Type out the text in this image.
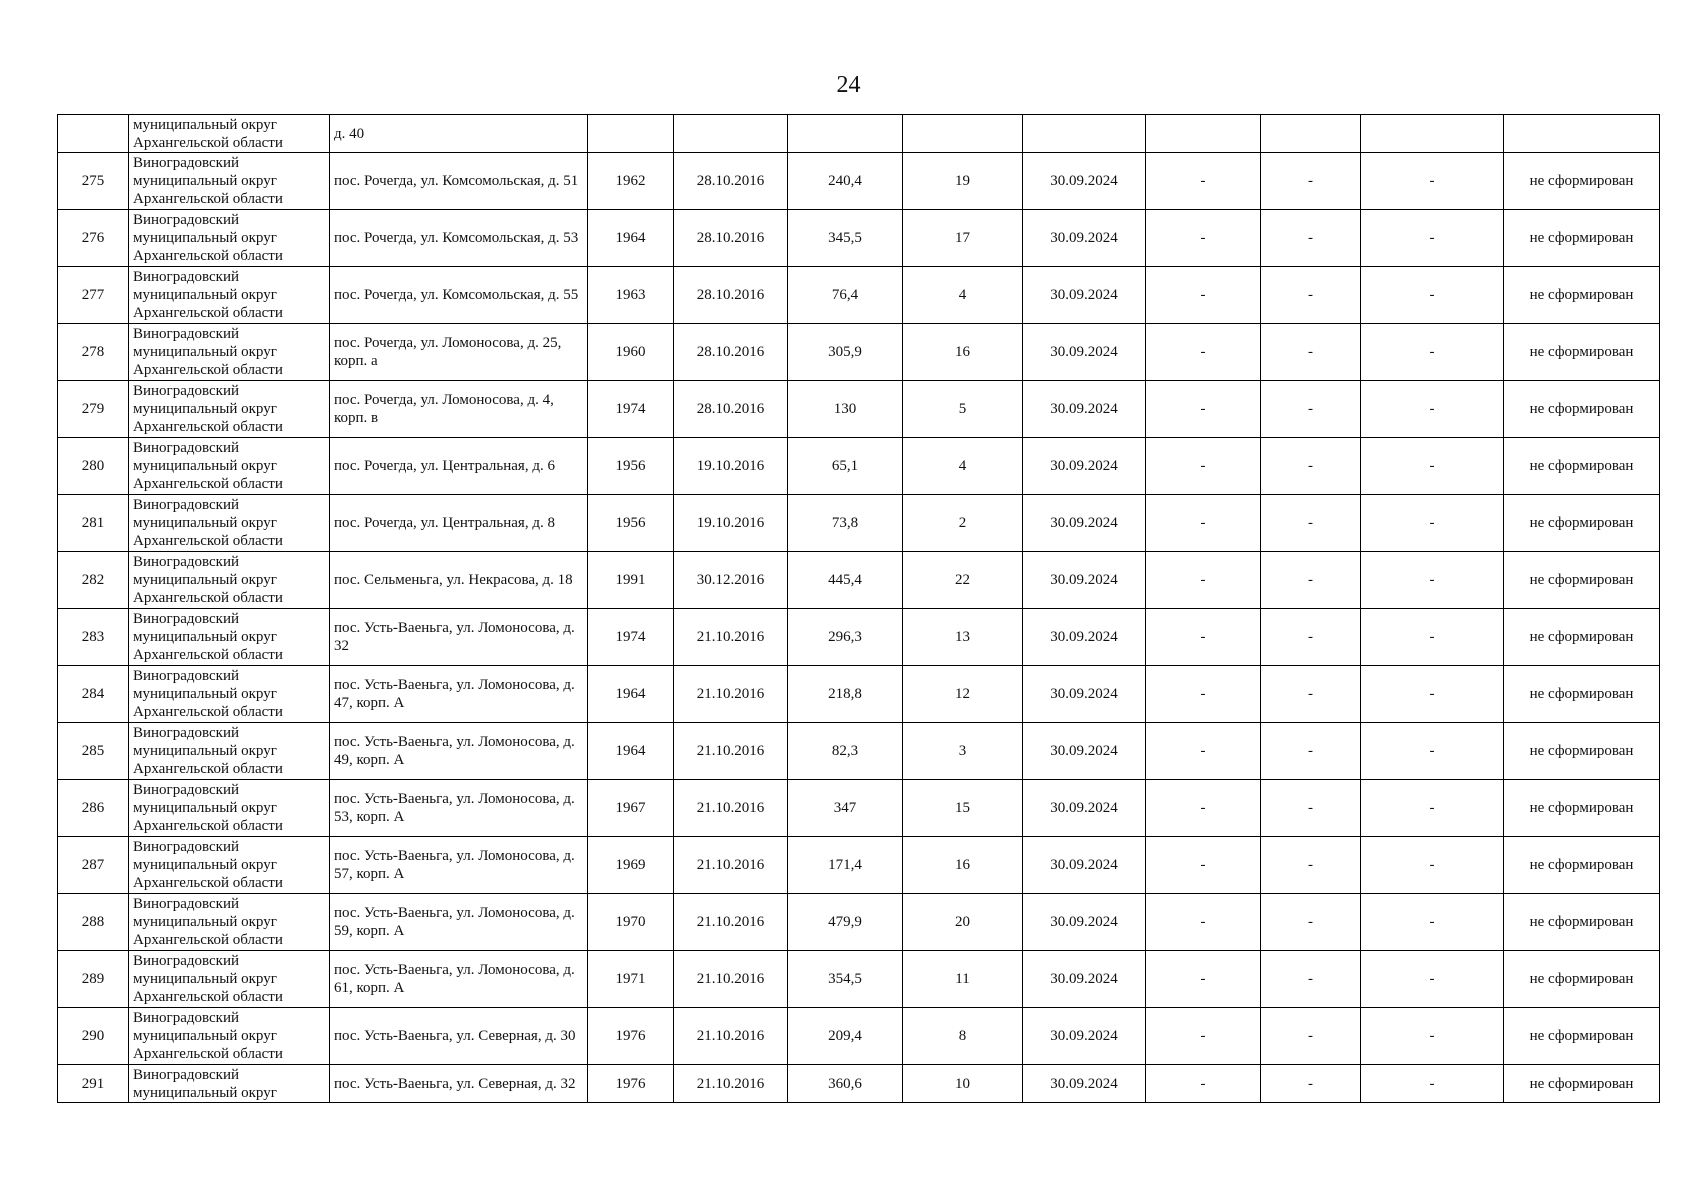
24
	муниципальный округ Архангельской области	д. 40									
275	Виноградовский муниципальный округ Архангельской области	пос. Рочегда, ул. Комсомольская, д. 51	1962	28.10.2016	240,4	19	30.09.2024	-	-	-	не сформирован
276	Виноградовский муниципальный округ Архангельской области	пос. Рочегда, ул. Комсомольская, д. 53	1964	28.10.2016	345,5	17	30.09.2024	-	-	-	не сформирован
277	Виноградовский муниципальный округ Архангельской области	пос. Рочегда, ул. Комсомольская, д. 55	1963	28.10.2016	76,4	4	30.09.2024	-	-	-	не сформирован
278	Виноградовский муниципальный округ Архангельской области	пос. Рочегда, ул. Ломоносова, д. 25, корп. а	1960	28.10.2016	305,9	16	30.09.2024	-	-	-	не сформирован
279	Виноградовский муниципальный округ Архангельской области	пос. Рочегда, ул. Ломоносова, д. 4, корп. в	1974	28.10.2016	130	5	30.09.2024	-	-	-	не сформирован
280	Виноградовский муниципальный округ Архангельской области	пос. Рочегда, ул. Центральная, д. 6	1956	19.10.2016	65,1	4	30.09.2024	-	-	-	не сформирован
281	Виноградовский муниципальный округ Архангельской области	пос. Рочегда, ул. Центральная, д. 8	1956	19.10.2016	73,8	2	30.09.2024	-	-	-	не сформирован
282	Виноградовский муниципальный округ Архангельской области	пос. Сельменьга, ул. Некрасова, д. 18	1991	30.12.2016	445,4	22	30.09.2024	-	-	-	не сформирован
283	Виноградовский муниципальный округ Архангельской области	пос. Усть-Ваеньга, ул. Ломоносова, д. 32	1974	21.10.2016	296,3	13	30.09.2024	-	-	-	не сформирован
284	Виноградовский муниципальный округ Архангельской области	пос. Усть-Ваеньга, ул. Ломоносова, д. 47, корп. А	1964	21.10.2016	218,8	12	30.09.2024	-	-	-	не сформирован
285	Виноградовский муниципальный округ Архангельской области	пос. Усть-Ваеньга, ул. Ломоносова, д. 49, корп. А	1964	21.10.2016	82,3	3	30.09.2024	-	-	-	не сформирован
286	Виноградовский муниципальный округ Архангельской области	пос. Усть-Ваеньга, ул. Ломоносова, д. 53, корп. А	1967	21.10.2016	347	15	30.09.2024	-	-	-	не сформирован
287	Виноградовский муниципальный округ Архангельской области	пос. Усть-Ваеньга, ул. Ломоносова, д. 57, корп. А	1969	21.10.2016	171,4	16	30.09.2024	-	-	-	не сформирован
288	Виноградовский муниципальный округ Архангельской области	пос. Усть-Ваеньга, ул. Ломоносова, д. 59, корп. А	1970	21.10.2016	479,9	20	30.09.2024	-	-	-	не сформирован
289	Виноградовский муниципальный округ Архангельской области	пос. Усть-Ваеньга, ул. Ломоносова, д. 61, корп. А	1971	21.10.2016	354,5	11	30.09.2024	-	-	-	не сформирован
290	Виноградовский муниципальный округ Архангельской области	пос. Усть-Ваеньга, ул. Северная, д. 30	1976	21.10.2016	209,4	8	30.09.2024	-	-	-	не сформирован
291	Виноградовский муниципальный округ	пос. Усть-Ваеньга, ул. Северная, д. 32	1976	21.10.2016	360,6	10	30.09.2024	-	-	-	не сформирован
